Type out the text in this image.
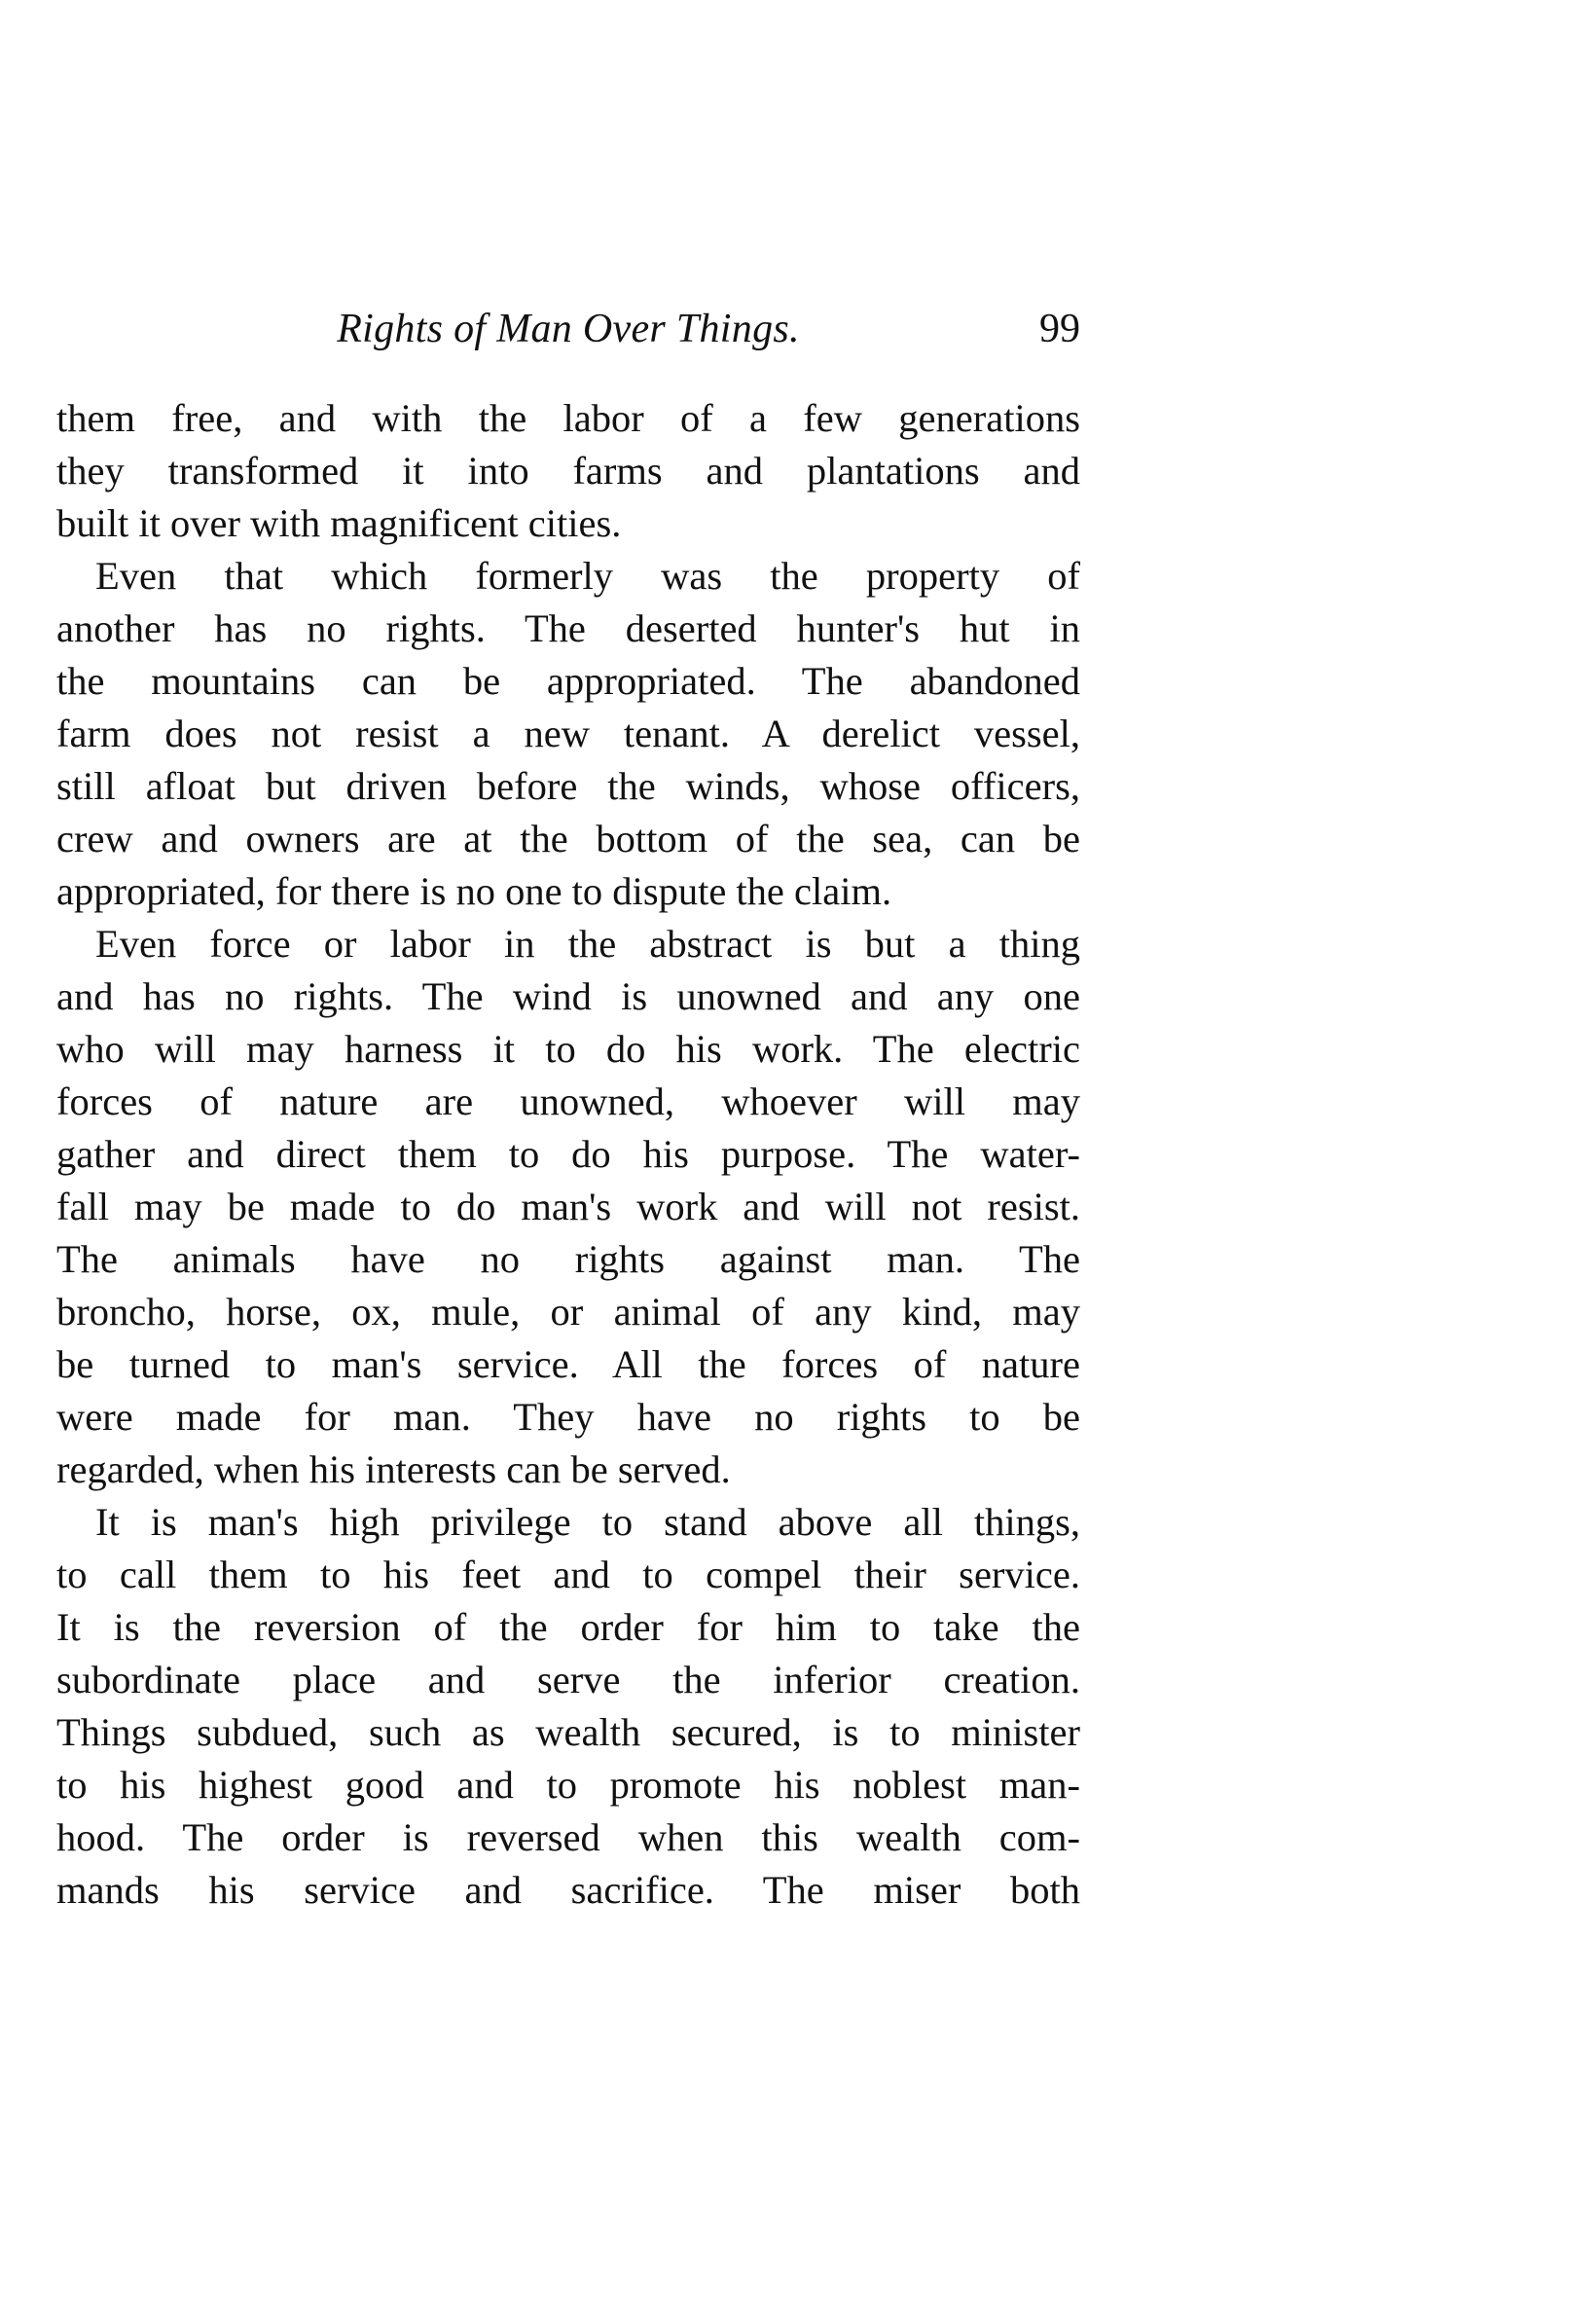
Rights of Man Over Things.	99
them free, and with the labor of a few generations
they transformed it into farms and plantations and
built it over with magnificent cities.
Even that which formerly was the property of
another has no rights. The deserted hunter's hut in
the mountains can be appropriated. The abandoned
farm does not resist a new tenant. A derelict vessel,
still afloat but driven before the winds, whose officers,
crew and owners are at the bottom of the sea, can be
appropriated, for there is no one to dispute the claim.
Even force or labor in the abstract is but a thing
and has no rights. The wind is unowned and any one
who will may harness it to do his work. The electric
forces of nature are unowned, whoever will may
gather and direct them to do his purpose. The water-
fall may be made to do man's work and will not resist.
The animals have no rights against man. The
broncho, horse, ox, mule, or animal of any kind, may
be turned to man's service. All the forces of nature
were made for man. They have no rights to be
regarded, when his interests can be served.
It is man's high privilege to stand above all things,
to call them to his feet and to compel their service.
It is the reversion of the order for him to take the
subordinate place and serve the inferior creation.
Things subdued, such as wealth secured, is to minister
to his highest good and to promote his noblest man-
hood. The order is reversed when this wealth com-
mands his service and sacrifice. The miser both
